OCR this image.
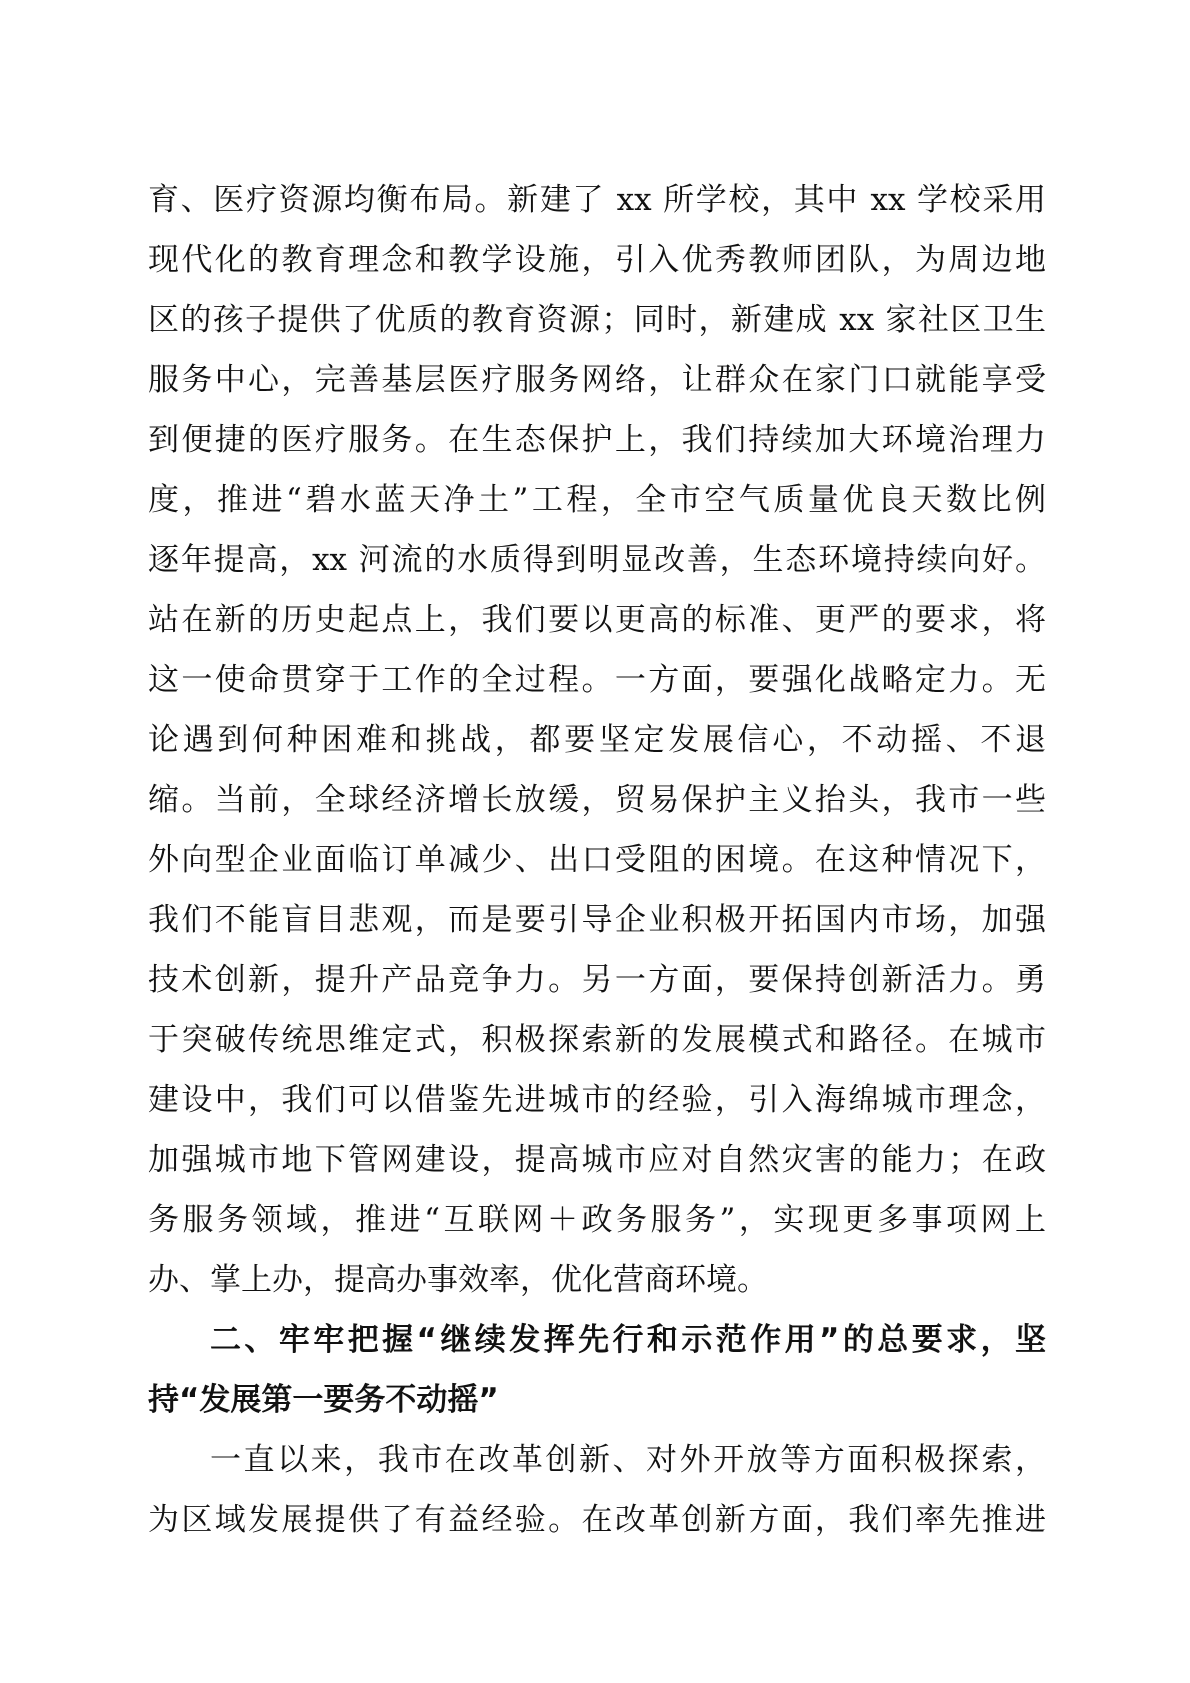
育、医疗资源均衡布局。新建了 xx 所学校，其中 xx 学校采用
现代化的教育理念和教学设施，引入优秀教师团队，为周边地
区的孩子提供了优质的教育资源；同时，新建成 xx 家社区卫生
服务中心，完善基层医疗服务网络，让群众在家门口就能享受
到便捷的医疗服务。在生态保护上，我们持续加大环境治理力
度，推进“碧水蓝天净土”工程，全市空气质量优良天数比例
逐年提高，xx 河流的水质得到明显改善，生态环境持续向好。
站在新的历史起点上，我们要以更高的标准、更严的要求，将
这一使命贯穿于工作的全过程。一方面，要强化战略定力。无
论遇到何种困难和挑战，都要坚定发展信心，不动摇、不退
缩。当前，全球经济增长放缓，贸易保护主义抬头，我市一些
外向型企业面临订单减少、出口受阻的困境。在这种情况下，
我们不能盲目悲观，而是要引导企业积极开拓国内市场，加强
技术创新，提升产品竞争力。另一方面，要保持创新活力。勇
于突破传统思维定式，积极探索新的发展模式和路径。在城市
建设中，我们可以借鉴先进城市的经验，引入海绵城市理念，
加强城市地下管网建设，提高城市应对自然灾害的能力；在政
务服务领域，推进“互联网＋政务服务”，实现更多事项网上
办、掌上办，提高办事效率，优化营商环境。
二、牢牢把握“继续发挥先行和示范作用”的总要求，坚
持“发展第一要务不动摇”
一直以来，我市在改革创新、对外开放等方面积极探索，
为区域发展提供了有益经验。在改革创新方面，我们率先推进
